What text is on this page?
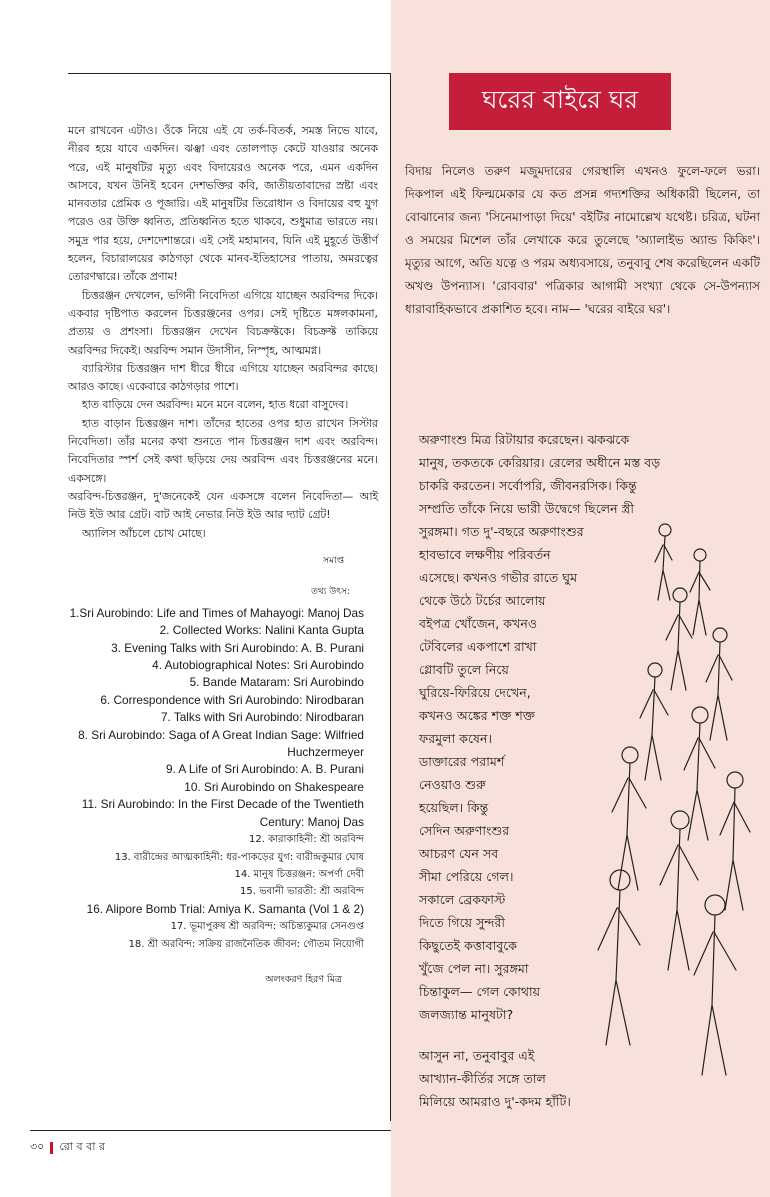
মনে রাখবেন এটাও। ওঁকে নিয়ে এই যে তর্ক-বিতর্ক, সমস্ত নিভে যাবে, নীরব হয়ে যাবে একদিন। ঝঞ্ঝা এবং তোলপাড় কেটে যাওয়ার অনেক পরে, এই মানুষটির মৃত্যু এবং বিদায়েরও অনেক পরে, এমন একদিন আসবে, যখন উনিই হবেন দেশভক্তির কবি, জাতীয়তাবাদের স্রষ্টা এবং মানবতার প্রেমিক ও পূজারি। এই মানুষটির তিরোধান ও বিদায়ের বহু যুগ পরেও ওর উক্তি ধ্বনিত, প্রতিধ্বনিত হতে থাকবে, শুধুমাত্র ভারতে নয়। সমুদ্র পার হয়ে, দেশদেশান্তরে। এই সেই মহামানব, যিনি এই মুহূর্তে উত্তীর্ণ হলেন, বিচারালয়ের কাঠগড়া থেকে মানব-ইতিহাসের পাতায়, অমরত্বের তোরণদ্বারে। তাঁকে প্রণাম!

চিত্তরঞ্জন দেখলেন, ভগিনী নিবেদিতা এগিয়ে যাচ্ছেন অরবিন্দর দিকে। একবার দৃষ্টিপাত করলেন চিত্তরঞ্জনের ওপর। সেই দৃষ্টিতে মঙ্গলকামনা, প্রত্যয় ও প্রশংসা। চিত্তরঞ্জন দেখেন বিচক্রফ্টকে। বিচক্রফ্ট তাকিয়ে অরবিন্দর দিকেই। অরবিন্দ সমান উদাসীন, নিস্পৃহ, আত্মমগ্ন।

ব্যারিস্টার চিত্তরঞ্জন দাশ ধীরে ধীরে এগিয়ে যাচ্ছেন অরবিন্দর কাছে। আরও কাছে। একেবারে কাঠগড়ার পাশে।

হাত বাড়িয়ে দেন অরবিন্দ। মনে মনে বলেন, হাত ধরো বাসুদেব।

হাত বাড়ান চিত্তরঞ্জন দাশ। তাঁদের হাতের ওপর হাত রাখেন সিস্টার নিবেদিতা। তাঁর মনের কথা শুনতে পান চিত্তরঞ্জন দাশ এবং অরবিন্দ। নিবেদিতার স্পর্শ সেই কথা ছড়িয়ে দেয় অরবিন্দ এবং চিত্তরঞ্জনের মনে। একসঙ্গে।

অরবিন্দ-চিত্তরঞ্জন, দু'জনেকেই যেন একসঙ্গে বলেন নিবেদিতা— আই নিউ ইউ আর গ্রেট। বাট আই নেভার নিউ ইউ আর দ্যাট গ্রেট!

অ্যালিস আঁচলে চোখ মোছে।

সমাপ্ত
তথ্য উৎস:
1.Sri Aurobindo: Life and Times of Mahayogi: Manoj Das
2. Collected Works: Nalini Kanta Gupta
3. Evening Talks with Sri Aurobindo: A. B. Purani
4. Autobiographical Notes: Sri Aurobindo
5. Bande Mataram: Sri Aurobindo
6. Correspondence with Sri Aurobindo: Nirodbaran
7. Talks with Sri Aurobindo: Nirodbaran
8. Sri Aurobindo: Saga of A Great Indian Sage: Wilfried Huchzermeyer
9. A Life of Sri Aurobindo: A. B. Purani
10. Sri Aurobindo on Shakespeare
11. Sri Aurobindo: In the First Decade of the Twentieth Century: Manoj Das
12. কারাকাহিনী: শ্রী অরবিন্দ
13. বারীন্দ্রের আত্মকাহিনী: ধর-পাকড়ের যুগ: বারীন্দ্রকুমার ঘোষ
14. মানুষ চিত্তরঞ্জন: অপর্ণা দেবী
15. ভবানী ভারতী: শ্রী অরবিন্দ
16. Alipore Bomb Trial: Amiya K. Samanta (Vol 1 & 2)
17. ভূমাপুরুষ শ্রী অরবিন্দ: অচিন্ত্যকুমার সেনগুপ্ত
18. শ্রী অরবিন্দ: সক্রিয় রাজনৈতিক জীবন: গৌতম নিয়োগী
অলংকরণ হিরণ মিত্র
৩০ রো ব বা র
ঘরের বাইরে ঘর

বিদায় নিলেও তরুণ মজুমদারের গেরস্থালি এখনও ফুলে-ফলে ভরা। দিকপাল এই ফিল্মমেকার যে কত প্রসন্ন গদ্যশক্তির অধিকারী ছিলেন, তা বোঝানোর জন্য 'সিনেমাপাড়া দিয়ে' বইটির নামোল্লেখ যথেষ্ট। চরিত্র, ঘটনা ও সময়ের মিশেল তাঁর লেখাকে করে তুলেছে 'অ্যালাইভ অ্যান্ড কিকিং'। মৃত্যুর আগে, অতি যত্নে ও পরম অধ্যবসায়ে, তনুবাবু শেষ করেছিলেন একটি অখণ্ড উপন্যাস। 'রোববার' পত্রিকার আগামী সংখ্যা থেকে সে-উপন্যাস ধারাবাহিকভাবে প্রকাশিত হবে। নাম— 'ঘরের বাইরে ঘর'।

অরুণাংশু মিত্র রিটায়ার করেছেন। ঝকঝকে
মানুষ, তকতকে কেরিয়ার। রেলের অধীনে মস্ত বড়
চাকরি করতেন। সর্বোপরি, জীবনরসিক। কিন্তু
সম্প্রতি তাঁকে নিয়ে ভারী উদ্বেগে ছিলেন স্ত্রী
সুরঙ্গমা। গত দু'-বছরে অরুণাংশুর
হাবভাবে লক্ষণীয় পরিবর্তন
এসেছে। কখনও গভীর রাতে ঘুম
থেকে উঠে টর্চের আলোয়
বইপত্র খোঁজেন, কখনও
টেবিলের একপাশে রাখা
গ্লোবটি তুলে নিয়ে
ঘুরিয়ে-ফিরিয়ে দেখেন,
কখনও অঙ্কের শক্ত শক্ত
ফরমুলা কষেন।
ডাক্তারের পরামর্শ
নেওয়াও শুরু
হয়েছিল। কিন্তু
সেদিন অরুণাংশুর
আচরণ যেন সব
সীমা পেরিয়ে গেল।
সকালে ব্রেকফাস্ট
দিতে গিয়ে সুন্দরী
কিছুতেই কত্তাবাবুকে
খুঁজে পেল না। সুরঙ্গমা
চিন্তাকুল— গেল কোথায়
জলজ্যান্ত মানুষটা?
আসুন না, তনুবাবুর এই
আখ্যান-কীর্তির সঙ্গে তাল
মিলিয়ে আমরাও দু'-কদম হাঁটি।
